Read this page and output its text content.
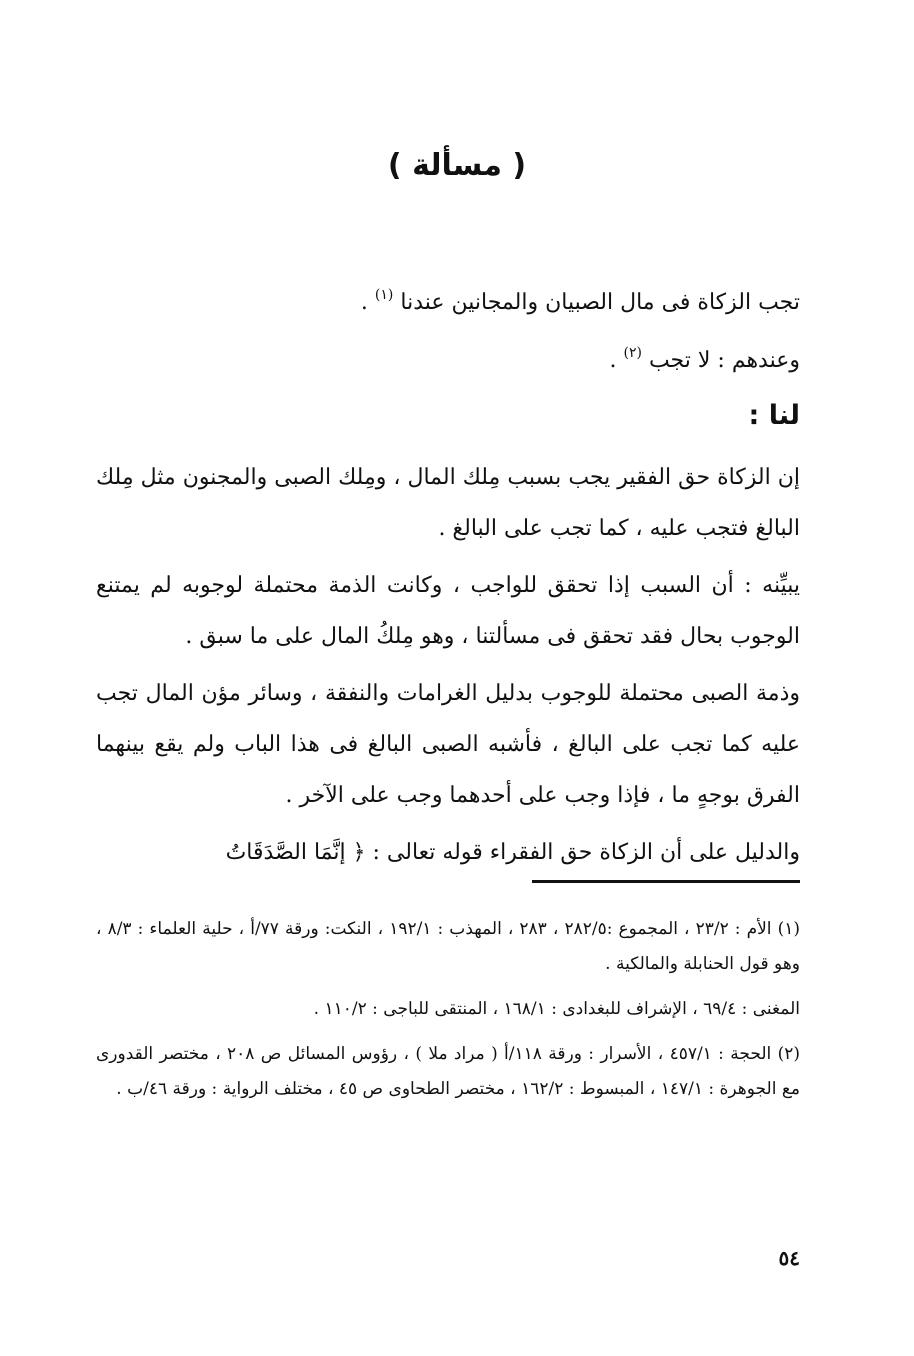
( مسألة )

تجب الزكاة فى مال الصبيان والمجانين عندنا $^{(١)}$ .

وعندهم : لا تجب $^{(٢)}$ .

لنا :

إن الزكاة حق الفقير يجب بسبب مِلك المال ، ومِلك الصبى والمجنون مثل مِلك البالغ فتجب عليه ، كما تجب على البالغ .

يبيِّنه : أن السبب إذا تحقق للواجب ، وكانت الذمة محتملة لوجوبه لم يمتنع الوجوب بحال فقد تحقق فى مسألتنا ، وهو مِلكُ المال على ما سبق .

وذمة الصبى محتملة للوجوب بدليل الغرامات والنفقة ، وسائر مؤن المال تجب عليه كما تجب على البالغ ، فأشبه الصبى البالغ فى هذا الباب ولم يقع بينهما الفرق بوجهٍ ما ، فإذا وجب على أحدهما وجب على الآخر .

والدليل على أن الزكاة حق الفقراء قوله تعالى : ﴿ إنَّمَا الصَّدَقَاتُ

(١) الأم : ٢٣/٢ ، المجموع :٢٨٢/٥ ، ٢٨٣ ، المهذب : ١٩٢/١ ، النكت: ورقة ٧٧/أ ، حلية العلماء : ٨/٣ ، وهو قول الحنابلة والمالكية .

المغنى : ٦٩/٤ ، الإشراف للبغدادى : ١٦٨/١ ، المنتقى للباجى : ١١٠/٢ .

(٢) الحجة : ٤٥٧/١ ، الأسرار : ورقة ١١٨/أ ( مراد ملا ) ، رؤوس المسائل ص ٢٠٨ ، مختصر القدورى مع الجوهرة : ١٤٧/١ ، المبسوط : ١٦٢/٢ ، مختصر الطحاوى ص ٤٥ ، مختلف الرواية : ورقة ٤٦/ب .

٥٤
